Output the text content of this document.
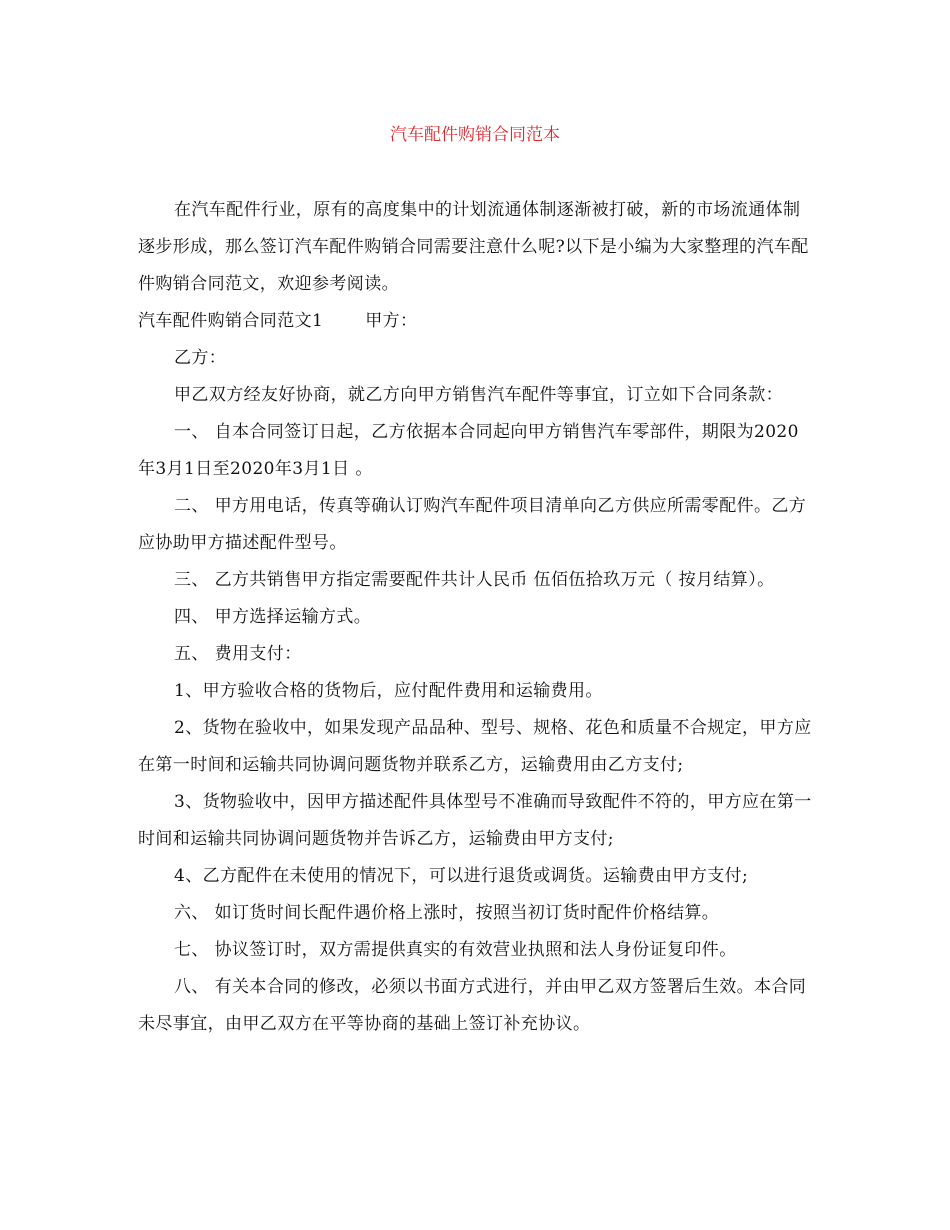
汽车配件购销合同范本

在汽车配件行业，原有的高度集中的计划流通体制逐渐被打破，新的市场流通体制逐步形成，那么签订汽车配件购销合同需要注意什么呢?以下是小编为大家整理的汽车配件购销合同范文，欢迎参考阅读。

汽车配件购销合同范文1 甲方：

乙方：

甲乙双方经友好协商，就乙方向甲方销售汽车配件等事宜，订立如下合同条款：

一、 自本合同签订日起，乙方依据本合同起向甲方销售汽车零部件，期限为2020年3月1日至2020年3月1日 。

二、 甲方用电话，传真等确认订购汽车配件项目清单向乙方供应所需零配件。乙方应协助甲方描述配件型号。

三、 乙方共销售甲方指定需要配件共计人民币 伍佰伍拾玖万元（ 按月结算）。

四、 甲方选择运输方式。

五、 费用支付：

1、甲方验收合格的货物后，应付配件费用和运输费用。

2、货物在验收中，如果发现产品品种、型号、规格、花色和质量不合规定，甲方应在第一时间和运输共同协调问题货物并联系乙方，运输费用由乙方支付;

3、货物验收中，因甲方描述配件具体型号不准确而导致配件不符的，甲方应在第一时间和运输共同协调问题货物并告诉乙方，运输费由甲方支付;

4、乙方配件在未使用的情况下，可以进行退货或调货。运输费由甲方支付;

六、 如订货时间长配件遇价格上涨时，按照当初订货时配件价格结算。

七、 协议签订时，双方需提供真实的有效营业执照和法人身份证复印件。

八、 有关本合同的修改，必须以书面方式进行，并由甲乙双方签署后生效。本合同未尽事宜，由甲乙双方在平等协商的基础上签订补充协议。
